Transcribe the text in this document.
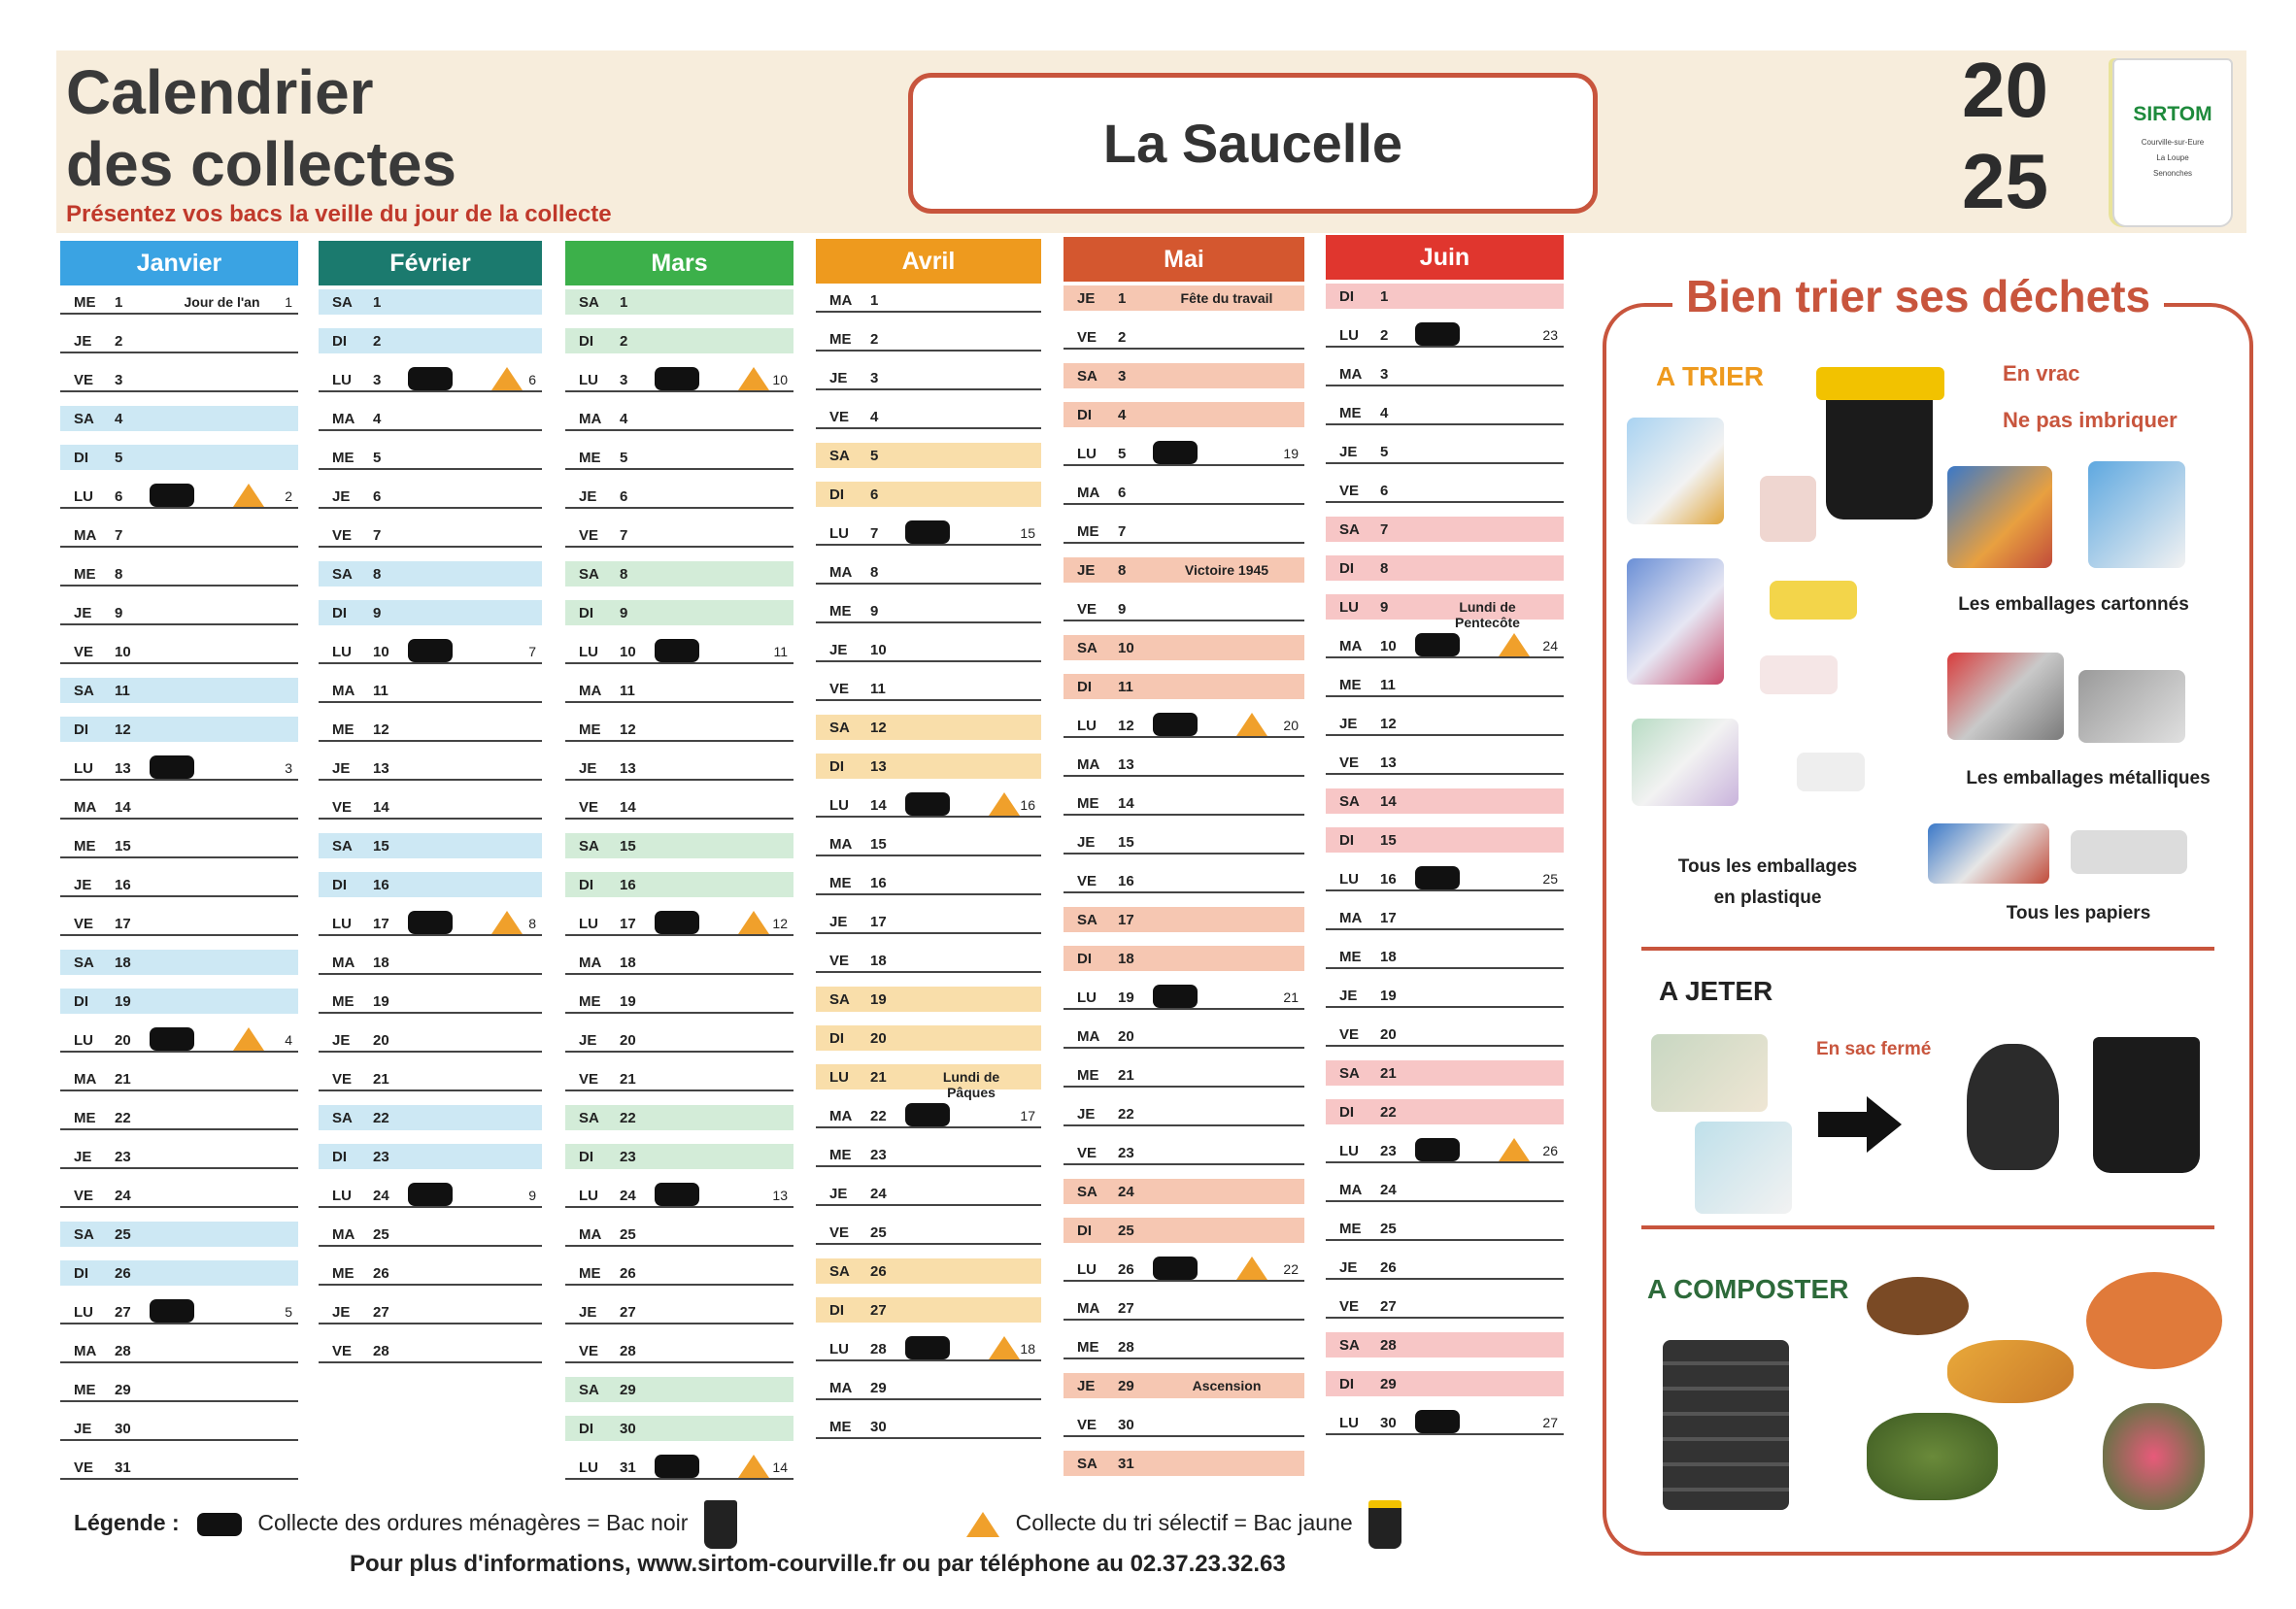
Calendrier
des collectes
Présentez vos bacs la veille du jour de la collecte
La Saucelle
20
25
SIRTOM
Courville-sur-Eure
La Loupe
Senonches
Janvier
ME 1	Jour de l'an	1
JE 2
VE 3
SA 4
DI 5
LU 6	2
MA 7
ME 8
JE 9
VE 10
SA 11
DI 12
LU 13	3
MA 14
ME 15
JE 16
VE 17
SA 18
DI 19
LU 20	4
MA 21
ME 22
JE 23
VE 24
SA 25
DI 26
LU 27	5
MA 28
ME 29
JE 30
VE 31
Février
SA 1
DI 2
LU 3	6
MA 4
ME 5
JE 6
VE 7
SA 8
DI 9
LU 10	7
MA 11
ME 12
JE 13
VE 14
SA 15
DI 16
LU 17	8
MA 18
ME 19
JE 20
VE 21
SA 22
DI 23
LU 24	9
MA 25
ME 26
JE 27
VE 28
Mars
SA 1
DI 2
LU 3	10
MA 4
ME 5
JE 6
VE 7
SA 8
DI 9
LU 10	11
MA 11
ME 12
JE 13
VE 14
SA 15
DI 16
LU 17	12
MA 18
ME 19
JE 20
VE 21
SA 22
DI 23
LU 24	13
MA 25
ME 26
JE 27
VE 28
SA 29
DI 30
LU 31	14
Avril
MA 1
ME 2
JE 3
VE 4
SA 5
DI 6
LU 7	15
MA 8
ME 9
JE 10
VE 11
SA 12
DI 13
LU 14	16
MA 15
ME 16
JE 17
VE 18
SA 19
DI 20
LU 21	Lundi de Pâques
MA 22	17
ME 23
JE 24
VE 25
SA 26
DI 27
LU 28	18
MA 29
ME 30
Mai
JE 1	Fête du travail
VE 2
SA 3
DI 4
LU 5	19
MA 6
ME 7
JE 8	Victoire 1945
VE 9
SA 10
DI 11
LU 12	20
MA 13
ME 14
JE 15
VE 16
SA 17
DI 18
LU 19	21
MA 20
ME 21
JE 22
VE 23
SA 24
DI 25
LU 26	22
MA 27
ME 28
JE 29	Ascension
VE 30
SA 31
Juin
DI 1
LU 2	23
MA 3
ME 4
JE 5
VE 6
SA 7
DI 8
LU 9	Lundi de Pentecôte
MA 10	24
ME 11
JE 12
VE 13
SA 14
DI 15
LU 16	25
MA 17
ME 18
JE 19
VE 20
SA 21
DI 22
LU 23	26
MA 24
ME 25
JE 26
VE 27
SA 28
DI 29
LU 30	27
Bien trier ses déchets
A TRIER	En vrac
Ne pas imbriquer
Les emballages cartonnés
Les emballages métalliques
Tous les emballages
en plastique
Tous les papiers
A JETER
En sac fermé
A COMPOSTER
Légende :	Collecte des ordures ménagères = Bac noir	Collecte du tri sélectif = Bac jaune
Pour plus d'informations, www.sirtom-courville.fr ou par téléphone au 02.37.23.32.63
